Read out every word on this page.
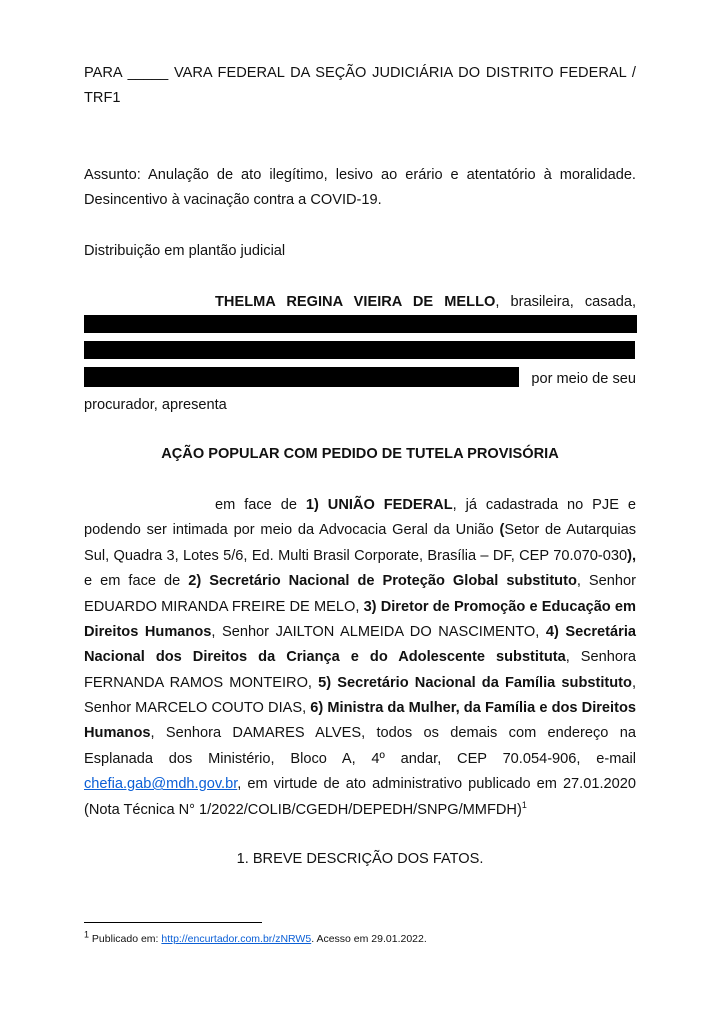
PARA _____ VARA FEDERAL DA SEÇÃO JUDICIÁRIA DO DISTRITO FEDERAL /
TRF1
Assunto: Anulação de ato ilegítimo, lesivo ao erário e atentatório à moralidade.
Desincentivo à vacinação contra a COVID-19.
Distribuição em plantão judicial
THELMA REGINA VIEIRA DE MELLO, brasileira, casada,
por meio de seu
procurador, apresenta
AÇÃO POPULAR COM PEDIDO DE TUTELA PROVISÓRIA
em face de 1) UNIÃO FEDERAL, já cadastrada no PJE e
podendo ser intimada por meio da Advocacia Geral da União (Setor de Autarquias
Sul, Quadra 3, Lotes 5/6, Ed. Multi Brasil Corporate, Brasília – DF, CEP 70.070-030),
e em face de 2) Secretário Nacional de Proteção Global substituto, Senhor
EDUARDO MIRANDA FREIRE DE MELO, 3) Diretor de Promoção e Educação em
Direitos Humanos, Senhor JAILTON ALMEIDA DO NASCIMENTO, 4) Secretária
Nacional dos Direitos da Criança e do Adolescente substituta, Senhora
FERNANDA RAMOS MONTEIRO, 5) Secretário Nacional da Família substituto,
Senhor MARCELO COUTO DIAS, 6) Ministra da Mulher, da Família e dos Direitos
Humanos, Senhora DAMARES ALVES, todos os demais com endereço na
Esplanada dos Ministério, Bloco A, 4º andar, CEP 70.054-906, e-mail
chefia.gab@mdh.gov.br, em virtude de ato administrativo publicado em 27.01.2020
(Nota Técnica N° 1/2022/COLIB/CGEDH/DEPEDH/SNPG/MMFDH)$^1$
1. BREVE DESCRIÇÃO DOS FATOS.
$^1$ Publicado em: http://encurtador.com.br/zNRW5. Acesso em 29.01.2022.
